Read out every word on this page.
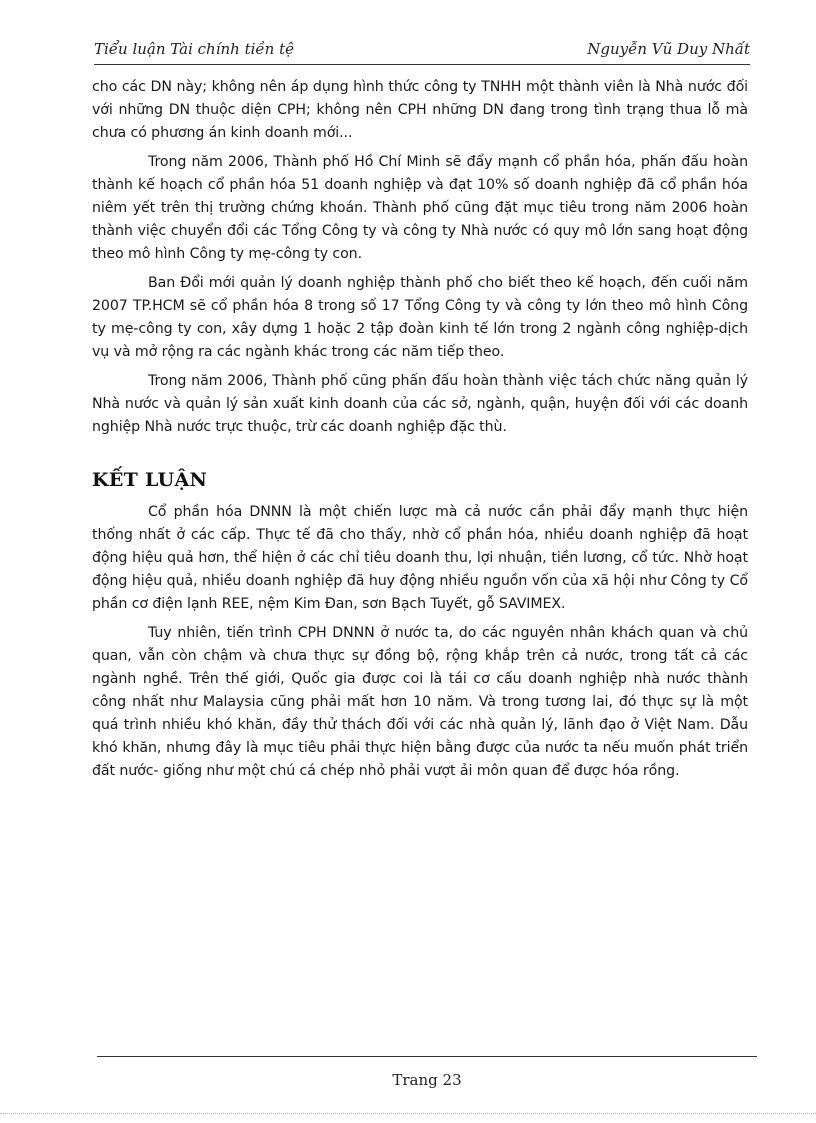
Tiểu luận Tài chính tiền tệ	Nguyễn Vũ Duy Nhất

cho các DN này; không nên áp dụng hình thức công ty TNHH một thành viên là Nhà nước đối với những DN thuộc diện CPH; không nên CPH những DN đang trong tình trạng thua lỗ mà chưa có phương án kinh doanh mới...

Trong năm 2006, Thành phố Hồ Chí Minh sẽ đẩy mạnh cổ phần hóa, phấn đấu hoàn thành kế hoạch cổ phần hóa 51 doanh nghiệp và đạt 10% số doanh nghiệp đã cổ phần hóa niêm yết trên thị trường chứng khoán. Thành phố cũng đặt mục tiêu trong năm 2006 hoàn thành việc chuyển đổi các Tổng Công ty và công ty Nhà nước có quy mô lớn sang hoạt động theo mô hình Công ty mẹ-công ty con.

Ban Đổi mới quản lý doanh nghiệp thành phố cho biết theo kế hoạch, đến cuối năm 2007 TP.HCM sẽ cổ phần hóa 8 trong số 17 Tổng Công ty và công ty lớn theo mô hình Công ty mẹ-công ty con, xây dựng 1 hoặc 2 tập đoàn kinh tế lớn trong 2 ngành công nghiệp-dịch vụ và mở rộng ra các ngành khác trong các năm tiếp theo.

Trong năm 2006, Thành phố cũng phấn đấu hoàn thành việc tách chức năng quản lý Nhà nước và quản lý sản xuất kinh doanh của các sở, ngành, quận, huyện đối với các doanh nghiệp Nhà nước trực thuộc, trừ các doanh nghiệp đặc thù.

KẾT LUẬN

Cổ phần hóa DNNN là một chiến lược mà cả nước cần phải đẩy mạnh thực hiện thống nhất ở các cấp. Thực tế đã cho thấy, nhờ cổ phần hóa, nhiều doanh nghiệp đã hoạt động hiệu quả hơn, thể hiện ở các chỉ tiêu doanh thu, lợi nhuận, tiền lương, cổ tức. Nhờ hoạt động hiệu quả, nhiều doanh nghiệp đã huy động nhiều nguồn vốn của xã hội như Công ty Cổ phần cơ điện lạnh REE, nệm Kim Đan, sơn Bạch Tuyết, gỗ SAVIMEX.

Tuy nhiên, tiến trình CPH DNNN ở nước ta, do các nguyên nhân khách quan và chủ quan, vẫn còn chậm và chưa thực sự đồng bộ, rộng khắp trên cả nước, trong tất cả các ngành nghề. Trên thế giới, Quốc gia được coi là tái cơ cấu doanh nghiệp nhà nước thành công nhất như Malaysia cũng phải mất hơn 10 năm. Và trong tương lai, đó thực sự là một quá trình nhiều khó khăn, đầy thử thách đối với các nhà quản lý, lãnh đạo ở Việt Nam. Dẫu khó khăn, nhưng đây là mục tiêu phải thực hiện bằng được của nước ta nếu muốn phát triển đất nước- giống như một chú cá chép nhỏ phải vượt ải môn quan để được hóa rồng.

Trang 23
